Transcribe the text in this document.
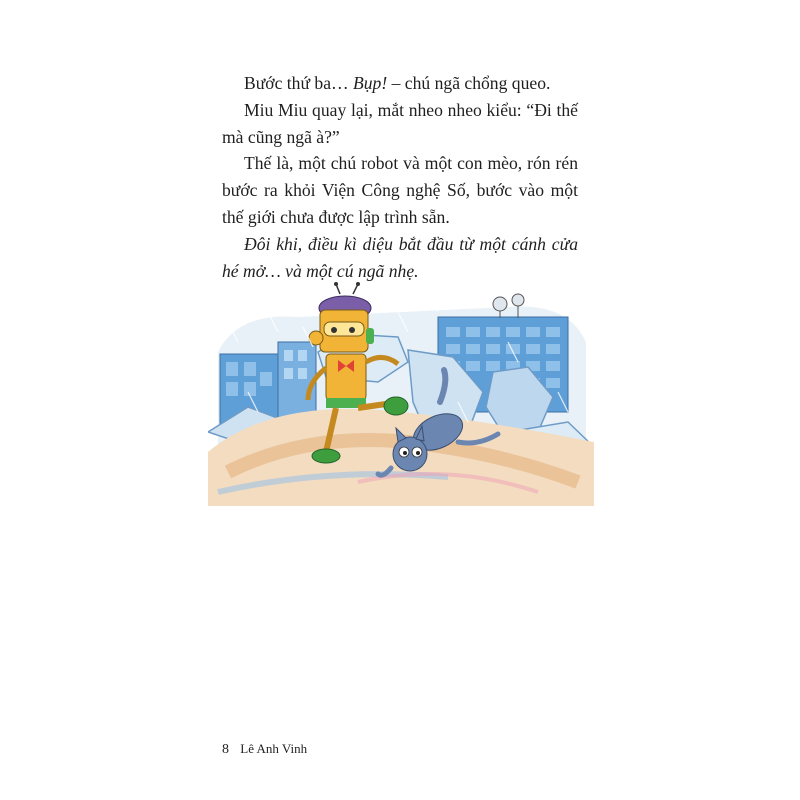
Bước thứ ba… Bụp! – chú ngã chổng queo.

Miu Miu quay lại, mắt nheo nheo kiểu: “Đi thế mà cũng ngã à?”

Thế là, một chú robot và một con mèo, rón rén bước ra khỏi Viện Công nghệ Số, bước vào một thế giới chưa được lập trình sẵn.

Đôi khi, điều kì diệu bắt đầu từ một cánh cửa hé mở… và một cú ngã nhẹ.

8 Lê Anh Vinh
